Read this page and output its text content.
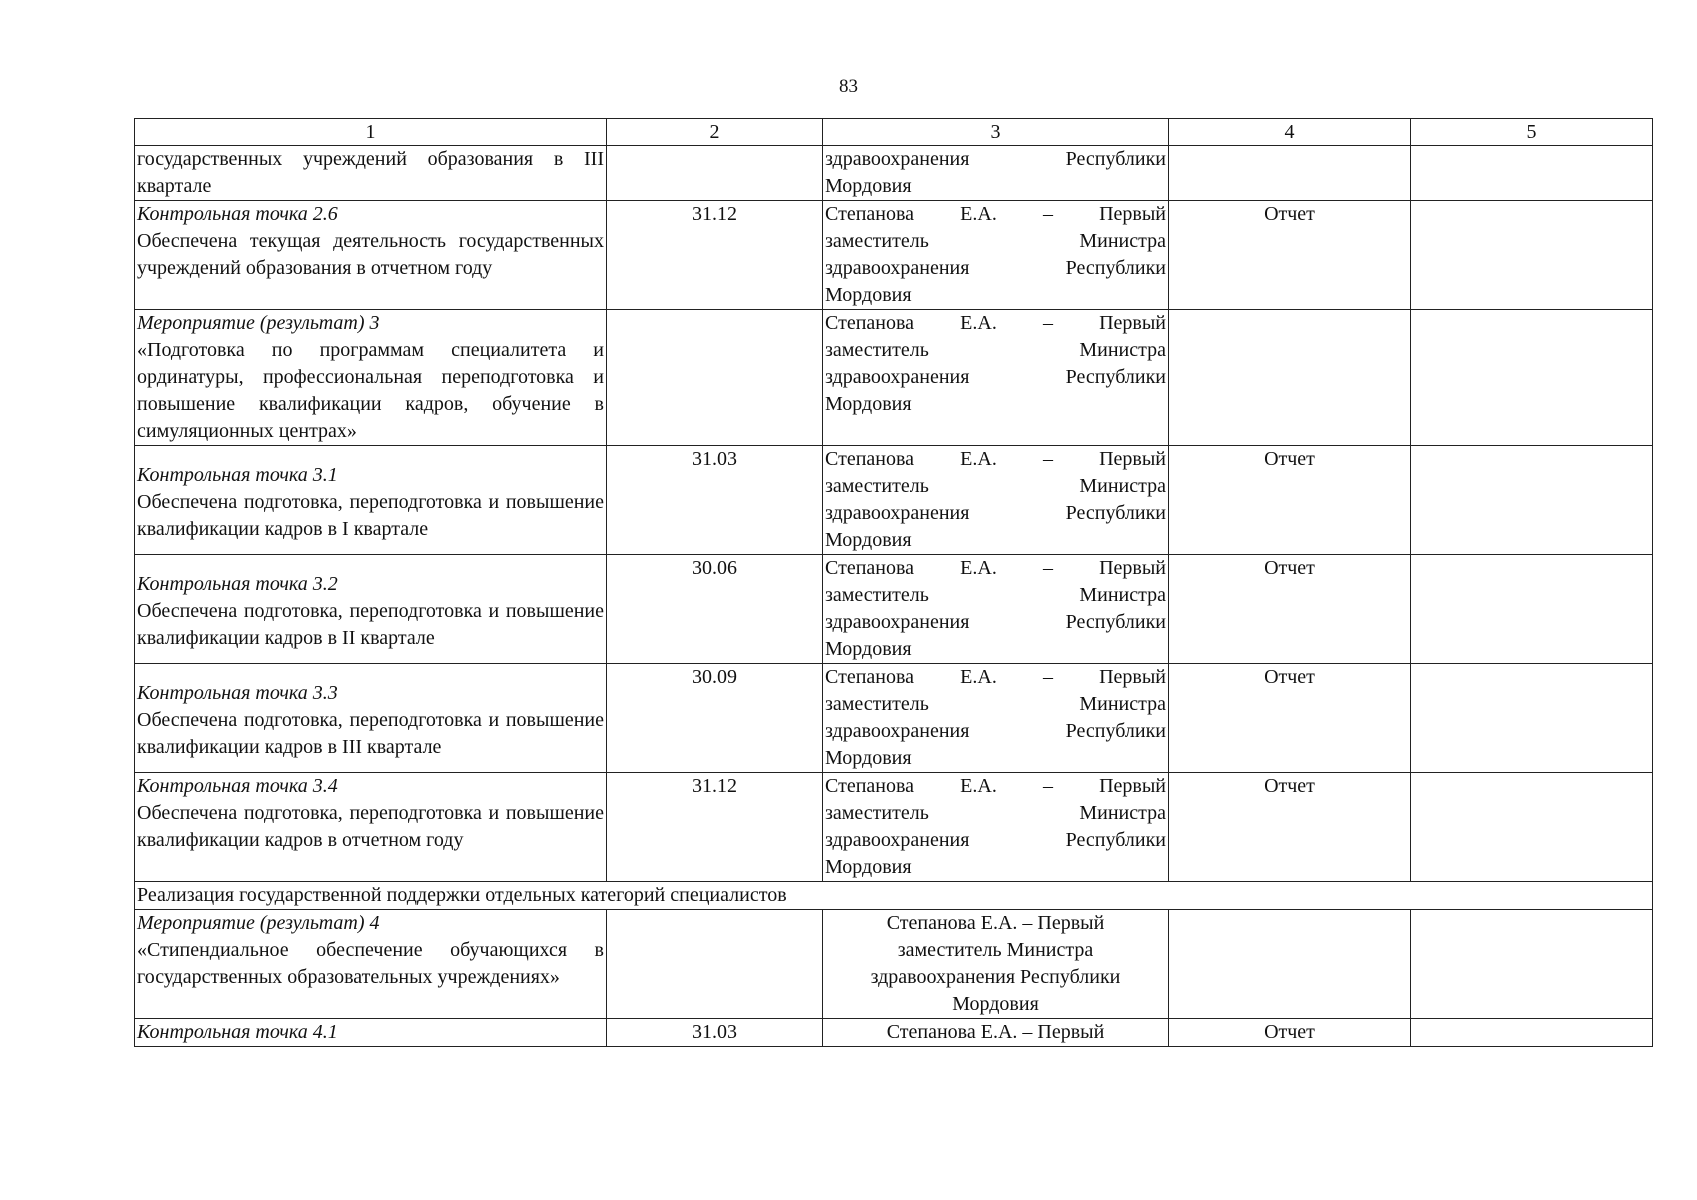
83
1	2	3	4	5

государственных учреждений образования в III квартале		здравоохранения Республики
Мордовия		

Контрольная точка 2.6
Обеспечена текущая деятельность государственных учреждений образования в отчетном году	31.12	Степанова Е.А. – Первый
заместитель Министра
здравоохранения Республики
Мордовия	Отчет	

Мероприятие (результат) 3
«Подготовка по программам специалитета и ординатуры, профессиональная переподготовка и повышение квалификации кадров, обучение в симуляционных центрах»		Степанова Е.А. – Первый
заместитель Министра
здравоохранения Республики
Мордовия		

Контрольная точка 3.1
Обеспечена подготовка, переподготовка и повышение квалификации кадров в I квартале	31.03	Степанова Е.А. – Первый
заместитель Министра
здравоохранения Республики
Мордовия	Отчет	

Контрольная точка 3.2
Обеспечена подготовка, переподготовка и повышение квалификации кадров в II квартале	30.06	Степанова Е.А. – Первый
заместитель Министра
здравоохранения Республики
Мордовия	Отчет	

Контрольная точка 3.3
Обеспечена подготовка, переподготовка и повышение квалификации кадров в III квартале	30.09	Степанова Е.А. – Первый
заместитель Министра
здравоохранения Республики
Мордовия	Отчет	

Контрольная точка 3.4
Обеспечена подготовка, переподготовка и повышение квалификации кадров в отчетном году	31.12	Степанова Е.А. – Первый
заместитель Министра
здравоохранения Республики
Мордовия	Отчет	
Реализация государственной поддержки отдельных категорий специалистов				

Мероприятие (результат) 4
«Стипендиальное обеспечение обучающихся в государственных образовательных учреждениях»		Степанова Е.А. – Первый
заместитель Министра
здравоохранения Республики
Мордовия		

Контрольная точка 4.1	31.03	Степанова Е.А. – Первый	Отчет	
